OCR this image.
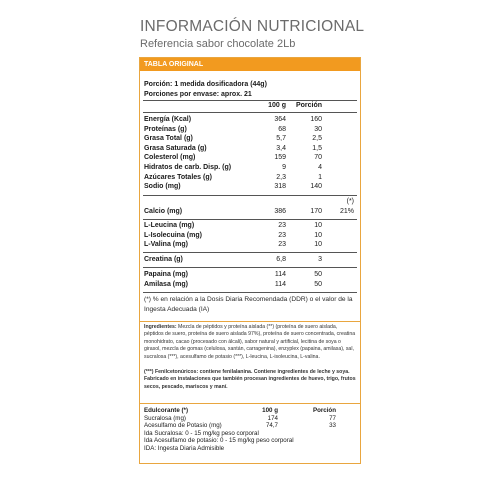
INFORMACIÓN NUTRICIONAL
Referencia sabor chocolate 2Lb
TABLA ORIGINAL
Porción: 1 medida dosificadora (44g)
Porciones por envase: aprox. 21
100 g	Porción
Energía (Kcal)	364	160
Proteínas (g)	68	30
Grasa Total (g)	5,7	2,5
Grasa Saturada (g)	3,4	1,5
Colesterol (mg)	159	70
Hidratos de carb. Disp. (g)	9	4
Azúcares Totales (g)	2,3	1
Sodio (mg)	318	140
(*)
Calcio (mg)	386	170	21%
L-Leucina (mg)	23	10
L-Isolecuina (mg)	23	10
L-Valina (mg)	23	10
Creatina (g)	6,8	3
Papaina (mg)	114	50
Amilasa (mg)	114	50
(*) % en relación a la Dosis Diaria Recomendada (DDR) o el valor de la Ingesta Adecuada (IA)
Ingredientes: Mezcla de péptidos y proteína aislada (**) (proteína de suero aislada, péptidos de suero, proteína de suero aislada 97%), proteína de suero concentrada, creatina monohidrato, cacao (procesado con álcali), sabor natural y artificial, lecitina de soya o girasol, mezcla de gomas (celulosa, xantán, carragenina), enzyplex (papaina, amilasa), sal, sucralosa (***), acesulfamo de potasio (***), L-leucina, L-isoleucina, L-valina.
(***) Fenilcetonúricos: contiene fenilalanina. Contiene ingredientes de leche y soya. Fabricado en instalaciones que también procesan ingredientes de huevo, trigo, frutos secos, pescado, mariscos y maní.
Edulcorante (*)	100 g	Porción
Sucralosa (mg)	174	77
Acesulfamo de Potasio (mg)	74,7	33
Ida Sucralosa: 0 - 15 mg/kg peso corporal
Ida Acesulfamo de potasio: 0 - 15 mg/kg peso corporal
IDA: Ingesta Diaria Admisible
